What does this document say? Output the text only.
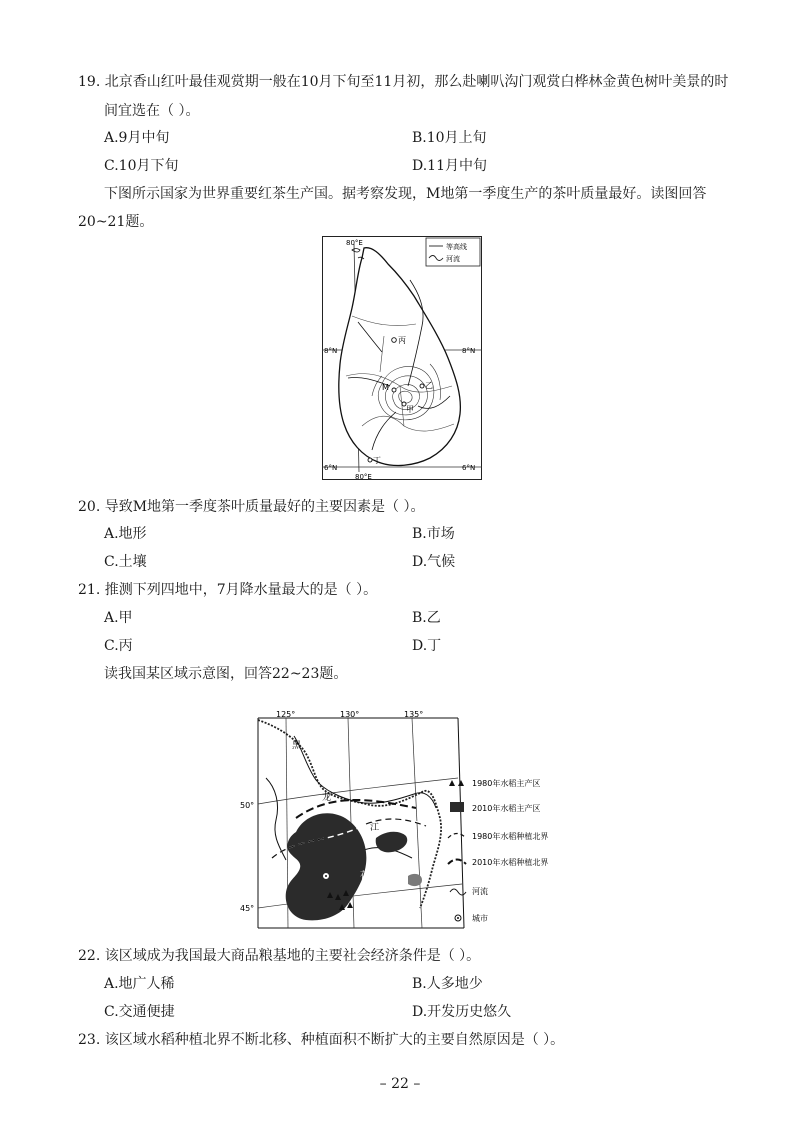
19. 北京香山红叶最佳观赏期一般在10月下旬至11月初，那么赴喇叭沟门观赏白桦林金黄色树叶美景的时
间宜选在（ ）。
A.9月中旬	B.10月上旬
C.10月下旬	D.11月中旬
下图所示国家为世界重要红茶生产国。据考察发现，M地第一季度生产的茶叶质量最好。读图回答
20~21题。
等高线
河流
80°E
80°E
8°N	8°N
6°N	6°N
丙
M	乙
甲
丁
20. 导致M地第一季度茶叶质量最好的主要因素是（ ）。
A.地形	B.市场
C.土壤	D.气候
21. 推测下列四地中，7月降水量最大的是（ ）。
A.甲	B.乙
C.丙	D.丁
读我国某区域示意图，回答22~23题。
125°	130°	135°
50°
45°
黑
龙
江
花
松
1980年水稻主产区
2010年水稻主产区
1980年水稻种植北界
2010年水稻种植北界
河流
城市
22. 该区域成为我国最大商品粮基地的主要社会经济条件是（ ）。
A.地广人稀	B.人多地少
C.交通便捷	D.开发历史悠久
23. 该区域水稻种植北界不断北移、种植面积不断扩大的主要自然原因是（ ）。
– 22 –
